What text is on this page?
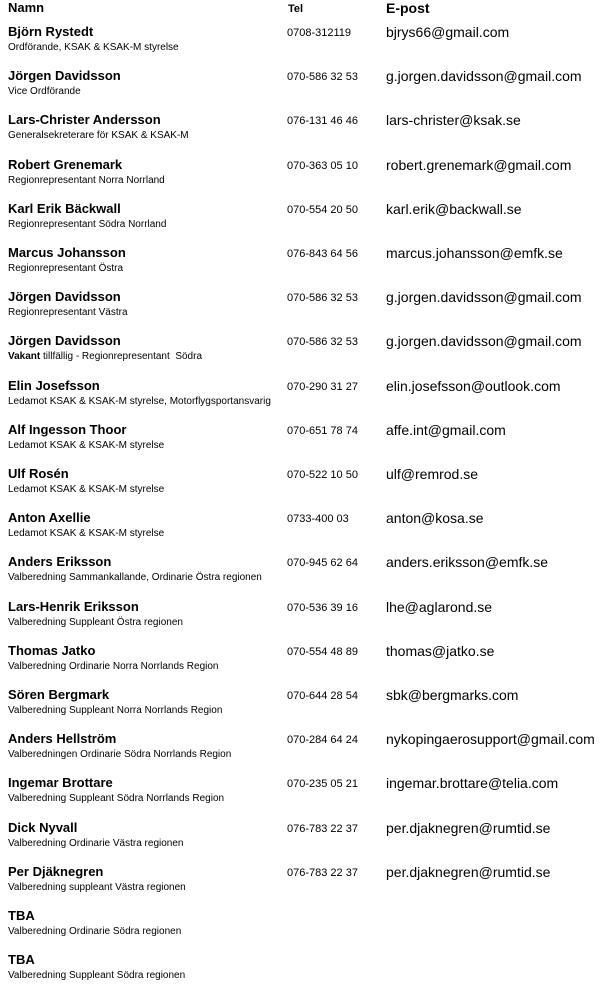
Namn	Tel	E-post
Björn Rystedt
Ordförande, KSAK & KSAK-M styrelse
0708-312119 bjrys66@gmail.com
Jörgen Davidsson
Vice Ordförande
070-586 32 53 g.jorgen.davidsson@gmail.com
Lars-Christer Andersson
Generalsekreterare för KSAK & KSAK-M
076-131 46 46 lars-christer@ksak.se
Robert Grenemark
Regionrepresentant Norra Norrland
070-363 05 10 robert.grenemark@gmail.com
Karl Erik Bäckwall
Regionrepresentant Södra Norrland
070-554 20 50 karl.erik@backwall.se
Marcus Johansson
Regionrepresentant Östra
076-843 64 56 marcus.johansson@emfk.se
Jörgen Davidsson
Regionrepresentant Västra
070-586 32 53 g.jorgen.davidsson@gmail.com
Jörgen Davidsson
Vakant tillfällig - Regionrepresentant  Södra
070-586 32 53 g.jorgen.davidsson@gmail.com
Elin Josefsson
Ledamot KSAK & KSAK-M styrelse, Motorflygsportansvarig
070-290 31 27 elin.josefsson@outlook.com
Alf Ingesson Thoor
Ledamot KSAK & KSAK-M styrelse
070-651 78 74 affe.int@gmail.com
Ulf Rosén
Ledamot KSAK & KSAK-M styrelse
070-522 10 50 ulf@remrod.se
Anton Axellie
Ledamot KSAK & KSAK-M styrelse
0733-400 03	anton@kosa.se
Anders Eriksson
Valberedning Sammankallande, Ordinarie Östra regionen
070-945 62 64 anders.eriksson@emfk.se
Lars-Henrik Eriksson
Valberedning Suppleant Östra regionen
070-536 39 16 lhe@aglarond.se
Thomas Jatko
Valberedning Ordinarie Norra Norrlands Region
070-554 48 89 thomas@jatko.se
Sören Bergmark
Valberedning Suppleant Norra Norrlands Region
070-644 28 54 sbk@bergmarks.com
Anders Hellström
Valberedningen Ordinarie Södra Norrlands Region
070-284 64 24 nykopingaerosupport@gmail.com
Ingemar Brottare
Valberedning Suppleant Södra Norrlands Region
070-235 05 21 ingemar.brottare@telia.com
Dick Nyvall
Valberedning Ordinarie Västra regionen
076-783 22 37 per.djaknegren@rumtid.se
Per Djäknegren
Valberedning suppleant Västra regionen
076-783 22 37 per.djaknegren@rumtid.se
TBA
Valberedning Ordinarie Södra regionen
TBA
Valberedning Suppleant Södra regionen
